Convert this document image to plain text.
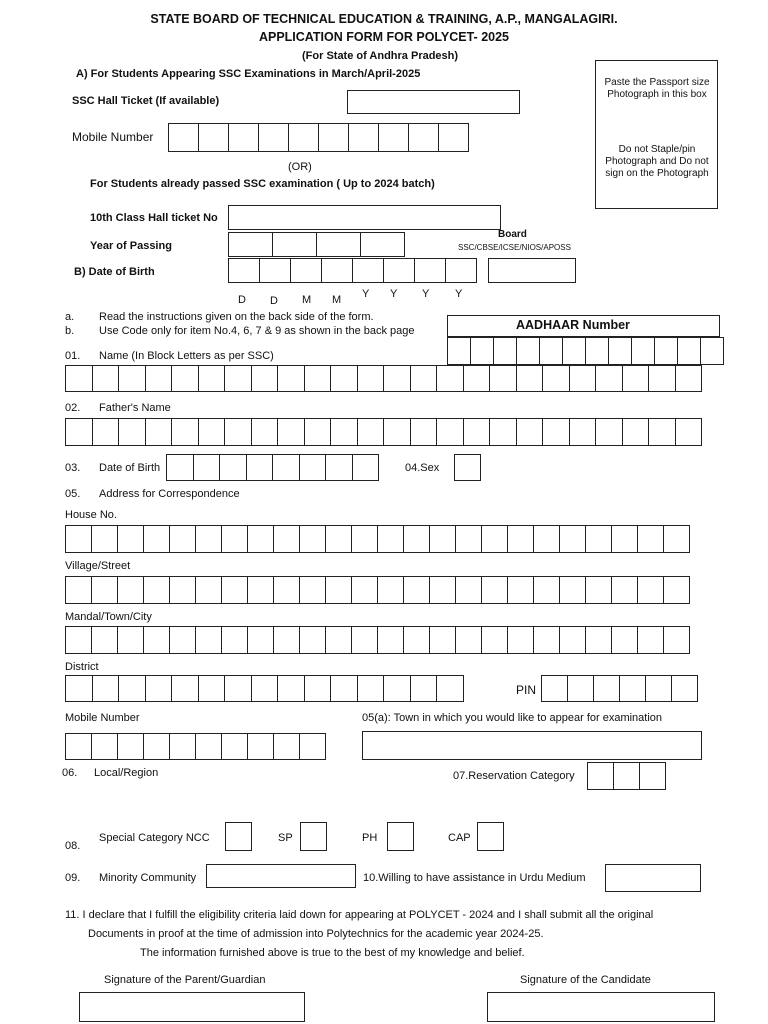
STATE BOARD OF TECHNICAL EDUCATION & TRAINING, A.P., MANGALAGIRI.
APPLICATION FORM FOR POLYCET- 2025
(For State of Andhra Pradesh)
Paste the Passport size Photograph in this box
Do not Staple/pin Photograph and Do not sign on the Photograph
A) For Students Appearing SSC Examinations in March/April-2025
SSC Hall Ticket (If available)
Mobile Number
(OR)
For Students already passed SSC examination ( Up to 2024 batch)
10th Class Hall ticket No
Year of Passing
Board
SSC/CBSE/ICSE/NIOS/APOSS
B) Date of Birth
D D M M Y Y Y Y
a. Read the instructions given on the back side of the form.
b. Use Code only for item No.4, 6, 7 & 9 as shown in the back page	AADHAAR Number
01. Name (In Block Letters as per SSC)
02. Father's Name
03. Date of Birth	04.Sex
05. Address for Correspondence
House No.
Village/Street
Mandal/Town/City
District
PIN
Mobile Number	05(a): Town in which you would like to appear for examination
06. Local/Region	07.Reservation Category
08.
Special Category NCC	SP	PH	CAP
09. Minority Community	10.Willing to have assistance in Urdu Medium
11. I declare that I fulfill the eligibility criteria laid down for appearing at POLYCET - 2024 and I shall submit all the original
Documents in proof at the time of admission into Polytechnics for the academic year 2024-25.
The information furnished above is true to the best of my knowledge and belief.
Signature of the Parent/Guardian	Signature of the Candidate
